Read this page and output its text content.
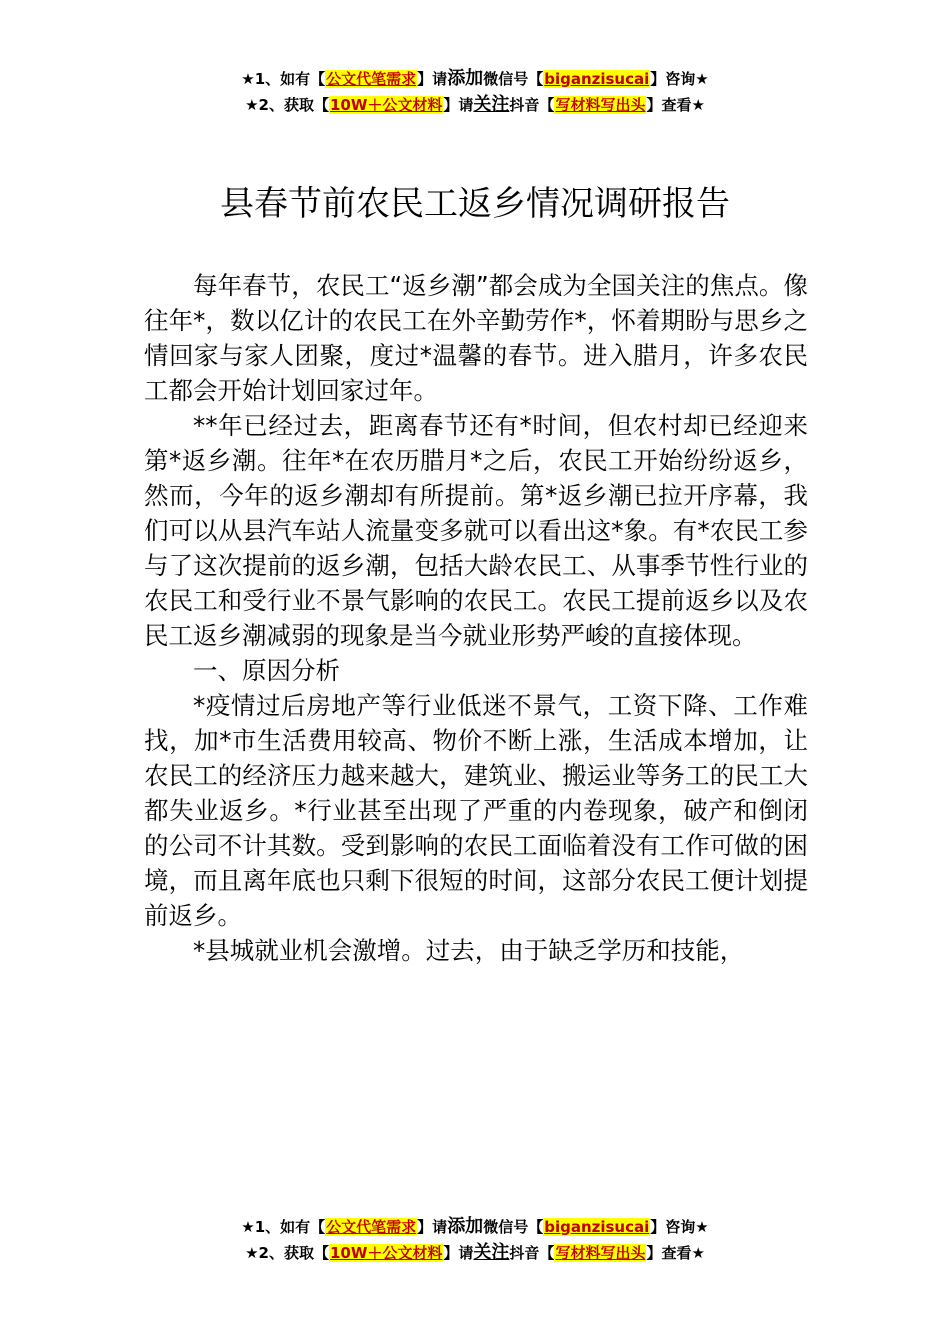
★1、如有【公文代笔需求】请添加微信号【biganzisucai】咨询★
★2、获取【10W＋公文材料】请关注抖音【写材料写出头】查看★
县春节前农民工返乡情况调研报告

每年春节，农民工“返乡潮”都会成为全国关注的焦点。像往年*，数以亿计的农民工在外辛勤劳作*，怀着期盼与思乡之情回家与家人团聚，度过*温馨的春节。进入腊月，许多农民工都会开始计划回家过年。

**年已经过去，距离春节还有*时间，但农村却已经迎来第*返乡潮。往年*在农历腊月*之后，农民工开始纷纷返乡，然而，今年的返乡潮却有所提前。第*返乡潮已拉开序幕，我们可以从县汽车站人流量变多就可以看出这*象。有*农民工参与了这次提前的返乡潮，包括大龄农民工、从事季节性行业的农民工和受行业不景气影响的农民工。农民工提前返乡以及农民工返乡潮减弱的现象是当今就业形势严峻的直接体现。

一、原因分析

*疫情过后房地产等行业低迷不景气，工资下降、工作难找，加*市生活费用较高、物价不断上涨，生活成本增加，让农民工的经济压力越来越大，建筑业、搬运业等务工的民工大都失业返乡。*行业甚至出现了严重的内卷现象，破产和倒闭的公司不计其数。受到影响的农民工面临着没有工作可做的困境，而且离年底也只剩下很短的时间，这部分农民工便计划提前返乡。

*县城就业机会激增。过去，由于缺乏学历和技能，

★1、如有【公文代笔需求】请添加微信号【biganzisucai】咨询★
★2、获取【10W＋公文材料】请关注抖音【写材料写出头】查看★
